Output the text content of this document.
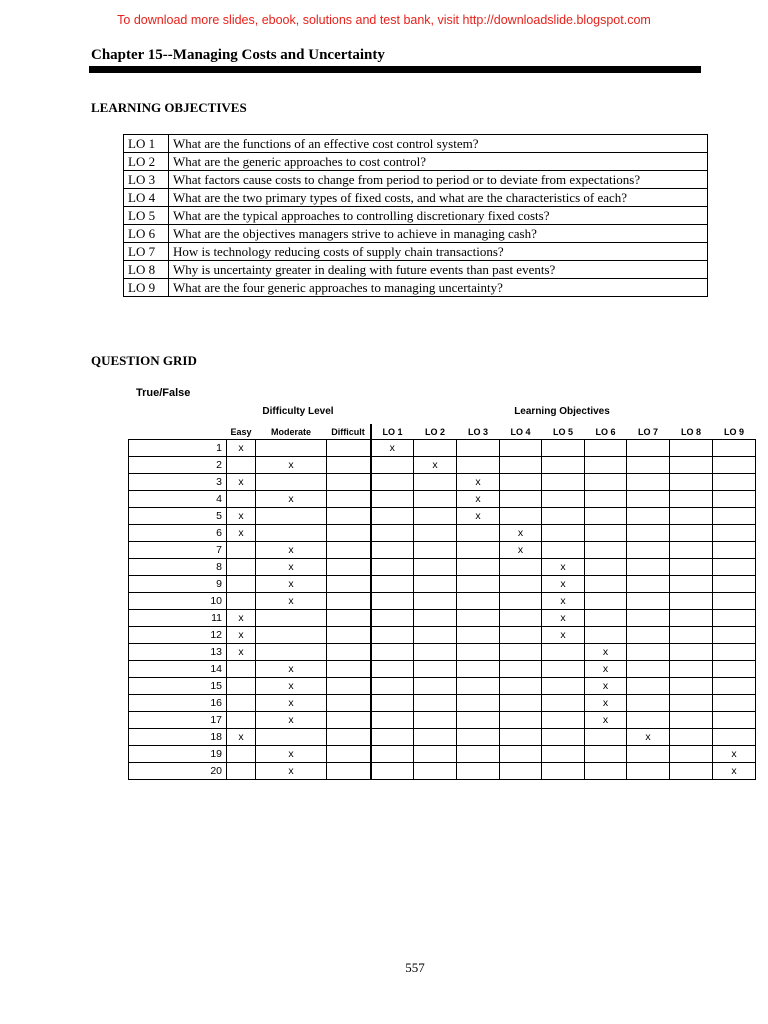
To download more slides, ebook, solutions and test bank, visit http://downloadslide.blogspot.com
Chapter 15--Managing Costs and Uncertainty
LEARNING OBJECTIVES
LO 1	What are the functions of an effective cost control system?
LO 2	What are the generic approaches to cost control?
LO 3	What factors cause costs to change from period to period or to deviate from expectations?
LO 4	What are the two primary types of fixed costs, and what are the characteristics of each?
LO 5	What are the typical approaches to controlling discretionary fixed costs?
LO 6	What are the objectives managers strive to achieve in managing cash?
LO 7	How is technology reducing costs of supply chain transactions?
LO 8	Why is uncertainty greater in dealing with future events than past events?
LO 9	What are the four generic approaches to managing uncertainty?
QUESTION GRID
True/False
Difficulty Level	Learning Objectives
	Easy	Moderate	Difficult	LO 1	LO 2	LO 3	LO 4	LO 5	LO 6	LO 7	LO 8	LO 9
1	x			x								
2		x			x							
3	x					x						
4		x				x						
5	x					x						
6	x						x					
7		x					x					
8		x						x				
9		x						x				
10		x						x				
11	x							x				
12	x							x				
13	x								x			
14		x							x			
15		x							x			
16		x							x			
17		x							x			
18	x									x		
19		x										x
20		x										x
557
